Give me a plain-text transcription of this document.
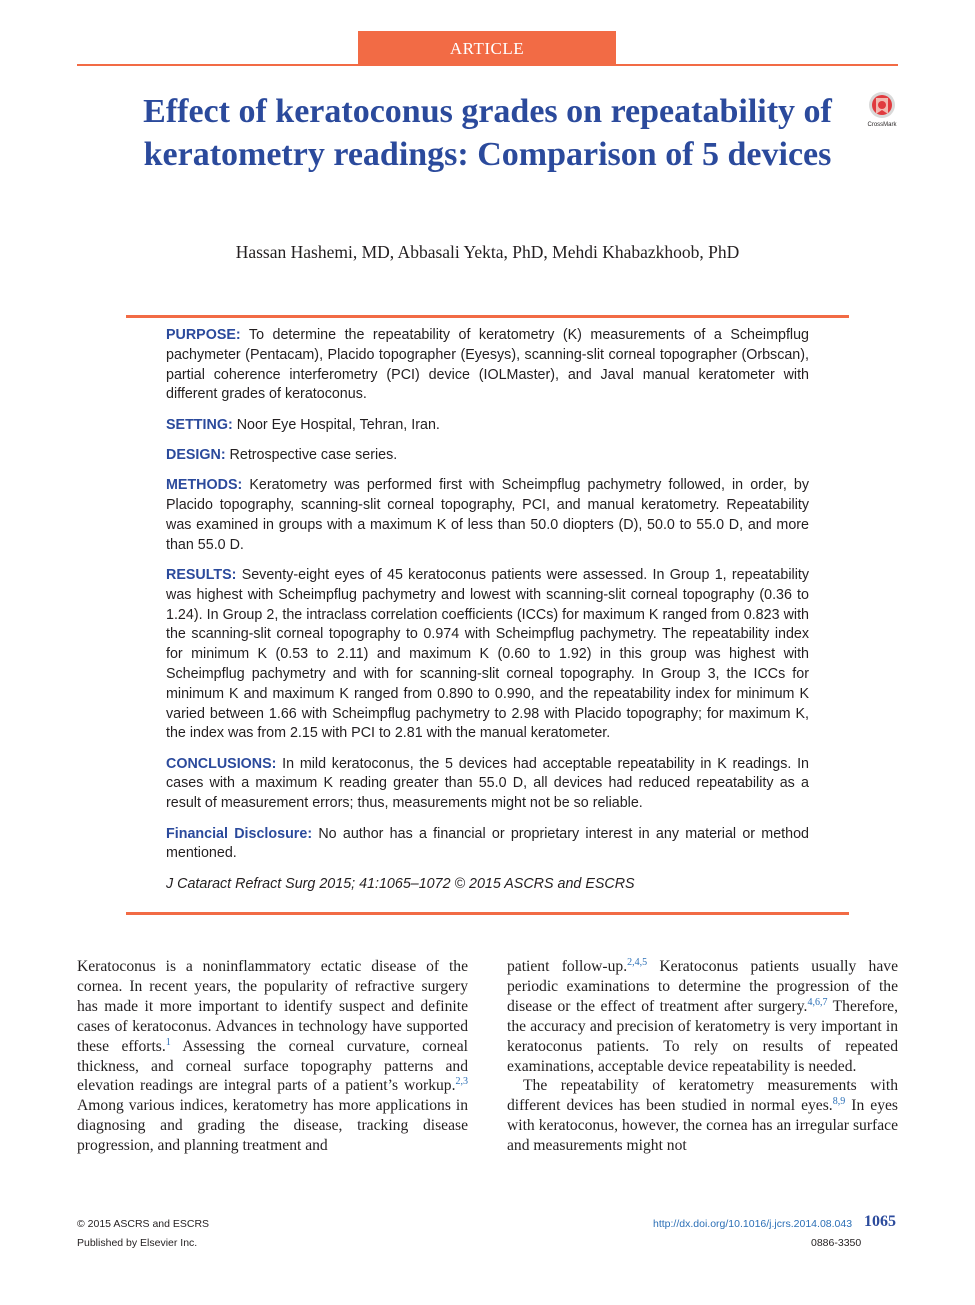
ARTICLE
Effect of keratoconus grades on repeatability of keratometry readings: Comparison of 5 devices
CrossMark
Hassan Hashemi, MD, Abbasali Yekta, PhD, Mehdi Khabazkhoob, PhD

PURPOSE: To determine the repeatability of keratometry (K) measurements of a Scheimpflug pachymeter (Pentacam), Placido topographer (Eyesys), scanning-slit corneal topographer (Orbscan), partial coherence interferometry (PCI) device (IOLMaster), and Javal manual keratometer with different grades of keratoconus.

SETTING: Noor Eye Hospital, Tehran, Iran.

DESIGN: Retrospective case series.

METHODS: Keratometry was performed first with Scheimpflug pachymetry followed, in order, by Placido topography, scanning-slit corneal topography, PCI, and manual keratometry. Repeatability was examined in groups with a maximum K of less than 50.0 diopters (D), 50.0 to 55.0 D, and more than 55.0 D.

RESULTS: Seventy-eight eyes of 45 keratoconus patients were assessed. In Group 1, repeatability was highest with Scheimpflug pachymetry and lowest with scanning-slit corneal topography (0.36 to 1.24). In Group 2, the intraclass correlation coefficients (ICCs) for maximum K ranged from 0.823 with the scanning-slit corneal topography to 0.974 with Scheimpflug pachymetry. The repeatability index for minimum K (0.53 to 2.11) and maximum K (0.60 to 1.92) in this group was highest with Scheimpflug pachymetry and with for scanning-slit corneal topography. In Group 3, the ICCs for minimum K and maximum K ranged from 0.890 to 0.990, and the repeatability index for minimum K varied between 1.66 with Scheimpflug pachymetry to 2.98 with Placido topography; for maximum K, the index was from 2.15 with PCI to 2.81 with the manual keratometer.

CONCLUSIONS: In mild keratoconus, the 5 devices had acceptable repeatability in K readings. In cases with a maximum K reading greater than 55.0 D, all devices had reduced repeatability as a result of measurement errors; thus, measurements might not be so reliable.

Financial Disclosure: No author has a financial or proprietary interest in any material or method mentioned.

J Cataract Refract Surg 2015; 41:1065–1072 © 2015 ASCRS and ESCRS

Keratoconus is a noninflammatory ectatic disease of the cornea. In recent years, the popularity of refractive surgery has made it more important to identify suspect and definite cases of keratoconus. Advances in technology have supported these efforts.$^1$ Assessing the corneal curvature, corneal thickness, and corneal surface topography patterns and elevation readings are integral parts of a patient’s workup.$^{2,3}$ Among various indices, keratometry has more applications in diagnosing and grading the disease, tracking disease progression, and planning treatment and

patient follow-up.$^{2,4,5}$ Keratoconus patients usually have periodic examinations to determine the progression of the disease or the effect of treatment after surgery.$^{4,6,7}$ Therefore, the accuracy and precision of keratometry is very important in keratoconus patients. To rely on results of repeated examinations, acceptable device repeatability is needed.

The repeatability of keratometry measurements with different devices has been studied in normal eyes.$^{8,9}$ In eyes with keratoconus, however, the cornea has an irregular surface and measurements might not

© 2015 ASCRS and ESCRS
Published by Elsevier Inc.
http://dx.doi.org/10.1016/j.jcrs.2014.08.043
0886-3350
1065
